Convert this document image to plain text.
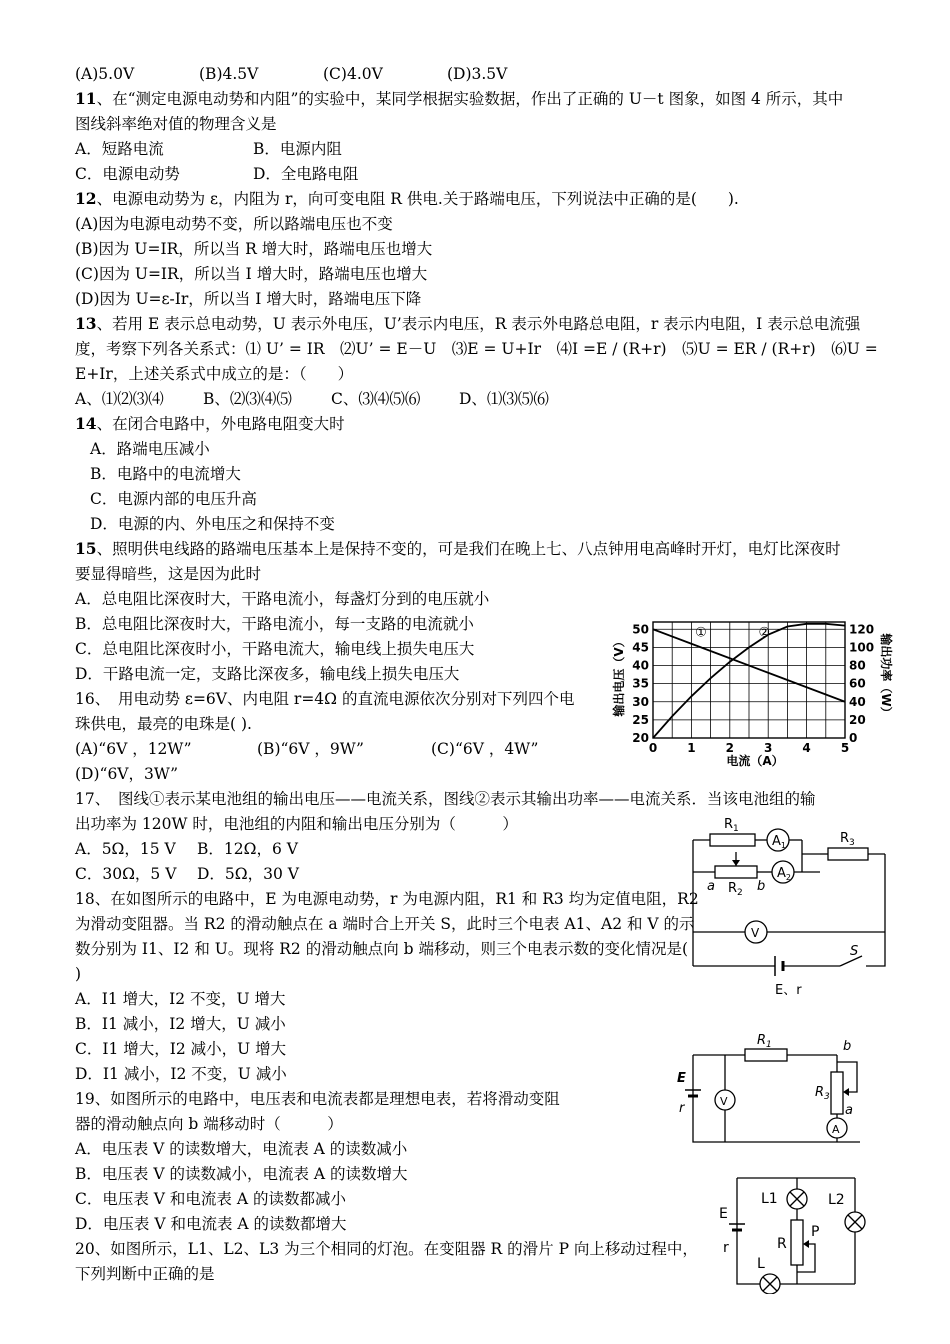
(A)5.0V	(B)4.5V	(C)4.0V	(D)3.5V
11、在“测定电源电动势和内阻”的实验中，某同学根据实验数据，作出了正确的 U－t 图象，如图 4 所示，其中
图线斜率绝对值的物理含义是
A．短路电流	B．电源内阻
C．电源电动势	D．全电路电阻
12、电源电动势为 ε，内阻为 r，向可变电阻 R 供电.关于路端电压，下列说法中正确的是(　　).
(A)因为电源电动势不变，所以路端电压也不变
(B)因为 U=IR，所以当 R 增大时，路端电压也增大
(C)因为 U=IR，所以当 I 增大时，路端电压也增大
(D)因为 U=ε-Ir，所以当 I 增大时，路端电压下降
13、若用 E 表示总电动势，U 表示外电压，U’表示内电压，R 表示外电路总电阻，r 表示内电阻，I 表示总电流强
度，考察下列各关系式：⑴ U’ = IR　⑵U’ = E－U　⑶E = U+Ir　⑷I =E / (R+r)　⑸U = ER / (R+r)　⑹U =
E+Ir，上述关系式中成立的是：（　　）
A、⑴⑵⑶⑷	B、⑵⑶⑷⑸	C、⑶⑷⑸⑹ D、⑴⑶⑸⑹
14、在闭合电路中，外电路电阻变大时
A．路端电压减小
B．电路中的电流增大
C．电源内部的电压升高
D．电源的内、外电压之和保持不变
15、照明供电线路的路端电压基本上是保持不变的，可是我们在晚上七、八点钟用电高峰时开灯，电灯比深夜时
要显得暗些，这是因为此时
A．总电阻比深夜时大，干路电流小，每盏灯分到的电压就小
B．总电阻比深夜时大，干路电流小，每一支路的电流就小
C．总电阻比深夜时小，干路电流大，输电线上损失电压大
D．干路电流一定，支路比深夜多，输电线上损失电压大
16、　用电动势 ε=6V、内电阻 r=4Ω 的直流电源依次分别对下列四个电
珠供电，最亮的电珠是( ).
(A)“6V ，12W”	(B)“6V ，9W”	(C)“6V ，4W”
(D)“6V，3W”
17、　图线①表示某电池组的输出电压——电流关系，图线②表示其输出功率——电流关系．当该电池组的输
出功率为 120W 时，电池组的内阻和输出电压分别为（　　　）
A．5Ω，15 V B．12Ω，6 V
C．30Ω，5 V D．5Ω，30 V
18、在如图所示的电路中，E 为电源电动势，r 为电源内阻，R1 和 R3 均为定值电阻，R2
为滑动变阻器。当 R2 的滑动触点在 a 端时合上开关 S，此时三个电表 A1、A2 和 V 的示
数分别为 I1、I2 和 U。现将 R2 的滑动触点向 b 端移动，则三个电表示数的变化情况是(
)
A．I1 增大，I2 不变，U 增大
B．I1 减小，I2 增大，U 减小
C．I1 增大，I2 减小，U 增大
D．I1 减小，I2 不变，U 减小
19、如图所示的电路中，电压表和电流表都是理想电表，若将滑动变阻
器的滑动触点向 b 端移动时（　　　）
A．电压表 V 的读数增大，电流表 A 的读数减小
B．电压表 V 的读数减小，电流表 A 的读数增大
C．电压表 V 和电流表 A 的读数都减小
D．电压表 V 和电流表 A 的读数都增大
20、如图所示，L1、L2、L3 为三个相同的灯泡。在变阻器 R 的滑片 P 向上移动过程中，
下列判断中正确的是
0	1	2	3	4	5
20
25
30
35
40
45
50
0
20
40
60
80
100
120
①	②
电流（A）
输出电压（V）	输出功率（W）
$R_1$
$A_1$
$A_2$
$R_3$
$R_2$
a	b
V
S
E、r
$R_1$	b
E
r	V
$R_3$
a
A
L1	L2
E
r	R
P
L
